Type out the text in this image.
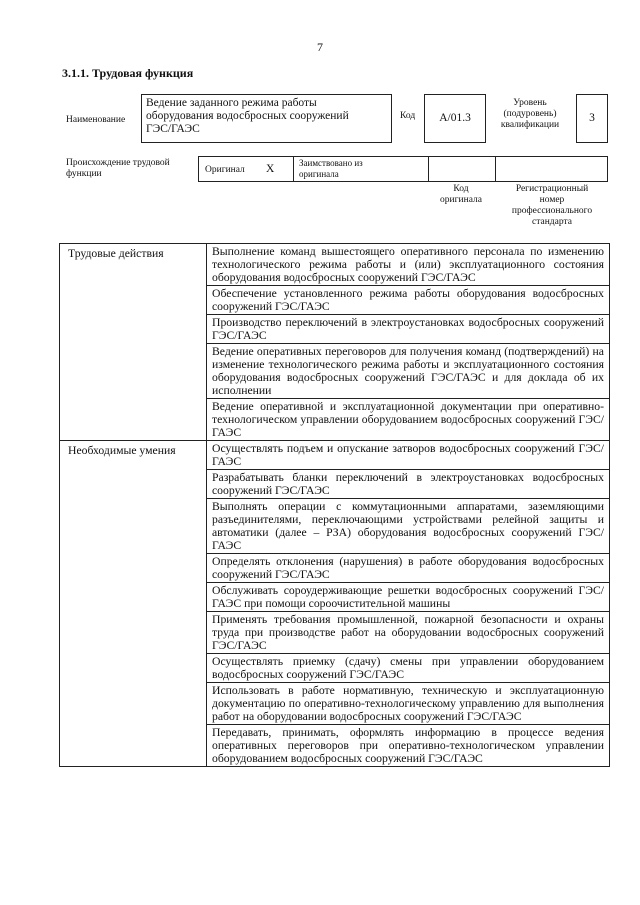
7
3.1.1. Трудовая функция
Наименование
Ведение заданного режима работы
оборудования водосбросных сооружений
ГЭС/ГАЭС
Код A/01.3
Уровень
(подуровень)
квалификации
3
Происхождение трудовой
функции	Оригинал X	Заимствовано из
оригинала
Код
оригинала
Регистрационный
номер
профессионального
стандарта
Трудовые действия	Выполнение команд вышестоящего оперативного персонала по изменению технологического режима работы и (или) эксплуатационного состояния оборудования водосбросных сооружений ГЭС/ГАЭС
	Обеспечение установленного режима работы оборудования водосбросных сооружений ГЭС/ГАЭС
	Производство переключений в электроустановках водосбросных сооружений ГЭС/ГАЭС
	Ведение оперативных переговоров для получения команд (подтверждений) на изменение технологического режима работы и эксплуатационного состояния оборудования водосбросных сооружений ГЭС/ГАЭС и для доклада об их исполнении
	Ведение оперативной и эксплуатационной документации при оперативно-технологическом управлении оборудованием водосбросных сооружений ГЭС/ГАЭС
Необходимые умения	Осуществлять подъем и опускание затворов водосбросных сооружений ГЭС/ГАЭС
	Разрабатывать бланки переключений в электроустановках водосбросных сооружений ГЭС/ГАЭС
	Выполнять операции с коммутационными аппаратами, заземляющими разъединителями, переключающими устройствами релейной защиты и автоматики (далее – РЗА) оборудования водосбросных сооружений ГЭС/ГАЭС
	Определять отклонения (нарушения) в работе оборудования водосбросных сооружений ГЭС/ГАЭС
	Обслуживать сороудерживающие решетки водосбросных сооружений ГЭС/ГАЭС при помощи сороочистительной машины
	Применять требования промышленной, пожарной безопасности и охраны труда при производстве работ на оборудовании водосбросных сооружений ГЭС/ГАЭС
	Осуществлять приемку (сдачу) смены при управлении оборудованием водосбросных сооружений ГЭС/ГАЭС
	Использовать в работе нормативную, техническую и эксплуатационную документацию по оперативно-технологическому управлению для выполнения работ на оборудовании водосбросных сооружений ГЭС/ГАЭС
	Передавать, принимать, оформлять информацию в процессе ведения оперативных переговоров при оперативно-технологическом управлении оборудованием водосбросных сооружений ГЭС/ГАЭС
